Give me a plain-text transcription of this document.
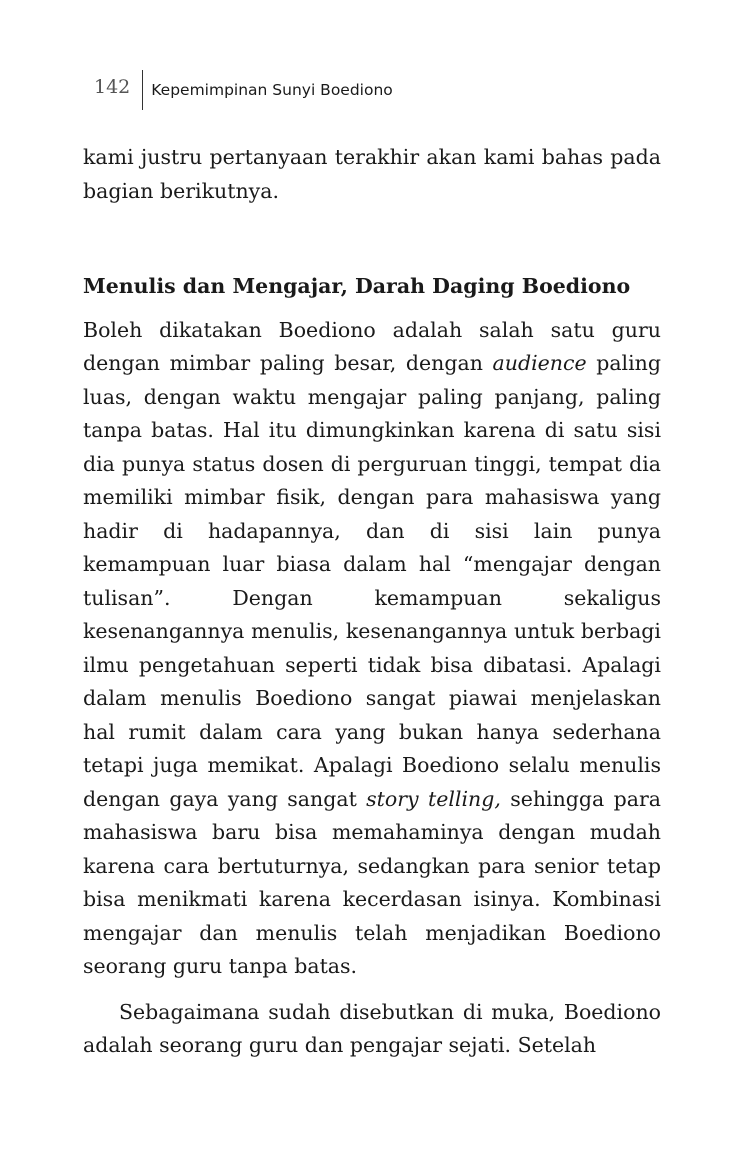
142	Kepemimpinan Sunyi Boediono

kami justru pertanyaan terakhir akan kami bahas pada bagian berikutnya.

Menulis dan Mengajar, Darah Daging Boediono

Boleh dikatakan Boediono adalah salah satu guru dengan mimbar paling besar, dengan audience paling luas, dengan waktu mengajar paling panjang, paling tanpa batas. Hal itu dimungkinkan karena di satu sisi dia punya status dosen di perguruan tinggi, tempat dia memiliki mimbar fisik, dengan para mahasiswa yang hadir di hadapannya, dan di sisi lain punya kemampuan luar biasa dalam hal “mengajar dengan tulisan”. Dengan kemampuan sekaligus kesenangannya menulis, kesenangannya untuk berbagi ilmu pengetahuan seperti tidak bisa dibatasi. Apalagi dalam menulis Boediono sangat piawai menjelaskan hal rumit dalam cara yang bukan hanya sederhana tetapi juga memikat. Apalagi Boediono selalu menulis dengan gaya yang sangat story telling, sehingga para mahasiswa baru bisa memahaminya dengan mudah karena cara bertuturnya, sedangkan para senior tetap bisa menikmati karena kecerdasan isinya. Kombinasi mengajar dan menulis telah menjadikan Boediono seorang guru tanpa batas.

Sebagaimana sudah disebutkan di muka, Boediono adalah seorang guru dan pengajar sejati. Setelah
